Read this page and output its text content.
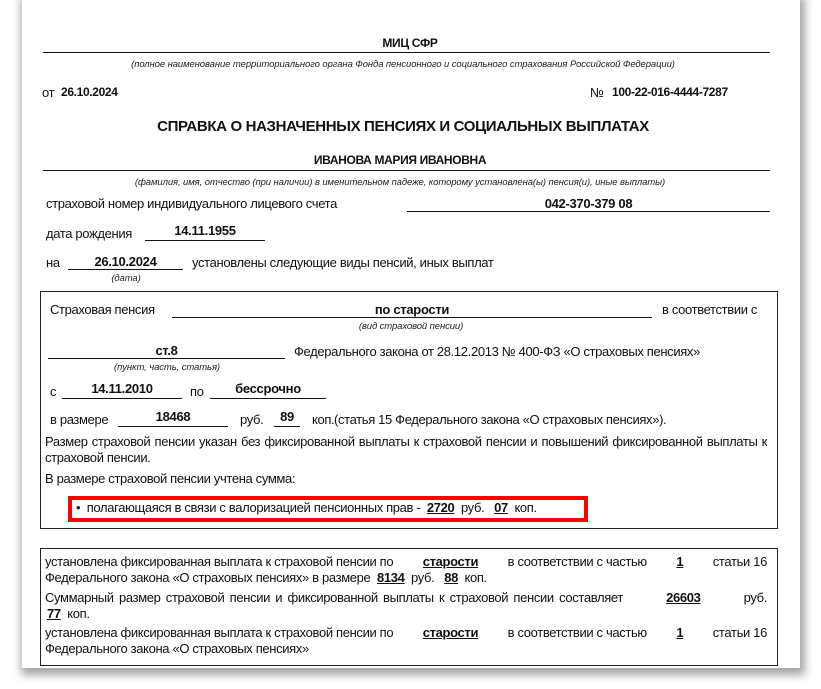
МИЦ СФР
(полное наименование территориального органа Фонда пенсионного и социального страхования Российской Федерации)
от 26.10.2024	№ 100-22-016-4444-7287
СПРАВКА О НАЗНАЧЕННЫХ ПЕНСИЯХ И СОЦИАЛЬНЫХ ВЫПЛАТАХ
ИВАНОВА МАРИЯ ИВАНОВНА
(фамилия, имя, отчество (при наличии) в именительном падеже, которому установлена(ы) пенсия(и), иные выплаты)
страховой номер индивидуального лицевого счета	042-370-379 08
дата рождения	14.11.1955
на	26.10.2024	установлены следующие виды пенсий, иных выплат
(дата)
Страховая пенсия	по старости	в соответствии с
(вид страховой пенсии)
ст.8	Федерального закона от 28.12.2013 № 400-ФЗ «О страховых пенсиях»
(пункт, часть, статья)
с	14.11.2010	по	бессрочно
в размере	18468	руб.	89	коп. (статья 15 Федерального закона «О страховых пенсиях»).
Размер страховой пенсии указан без фиксированной выплаты к страховой пенсии и повышений фиксированной выплаты к страховой пенсии.
В размере страховой пенсии учтена сумма:
• полагающаяся в связи с валоризацией пенсионных прав - 2720 руб. 07 коп.
установлена фиксированная выплата к страховой пенсии по старости в соответствии с частью 1 статьи 16
Федерального закона «О страховых пенсиях» в размере 8134 руб. 88 коп.
Суммарный размер страховой пенсии и фиксированной выплаты к страховой пенсии составляет	26603	руб.
77 коп.
установлена фиксированная выплата к страховой пенсии по старости в соответствии с частью 1 статьи 16
Федерального закона «О страховых пенсиях»
